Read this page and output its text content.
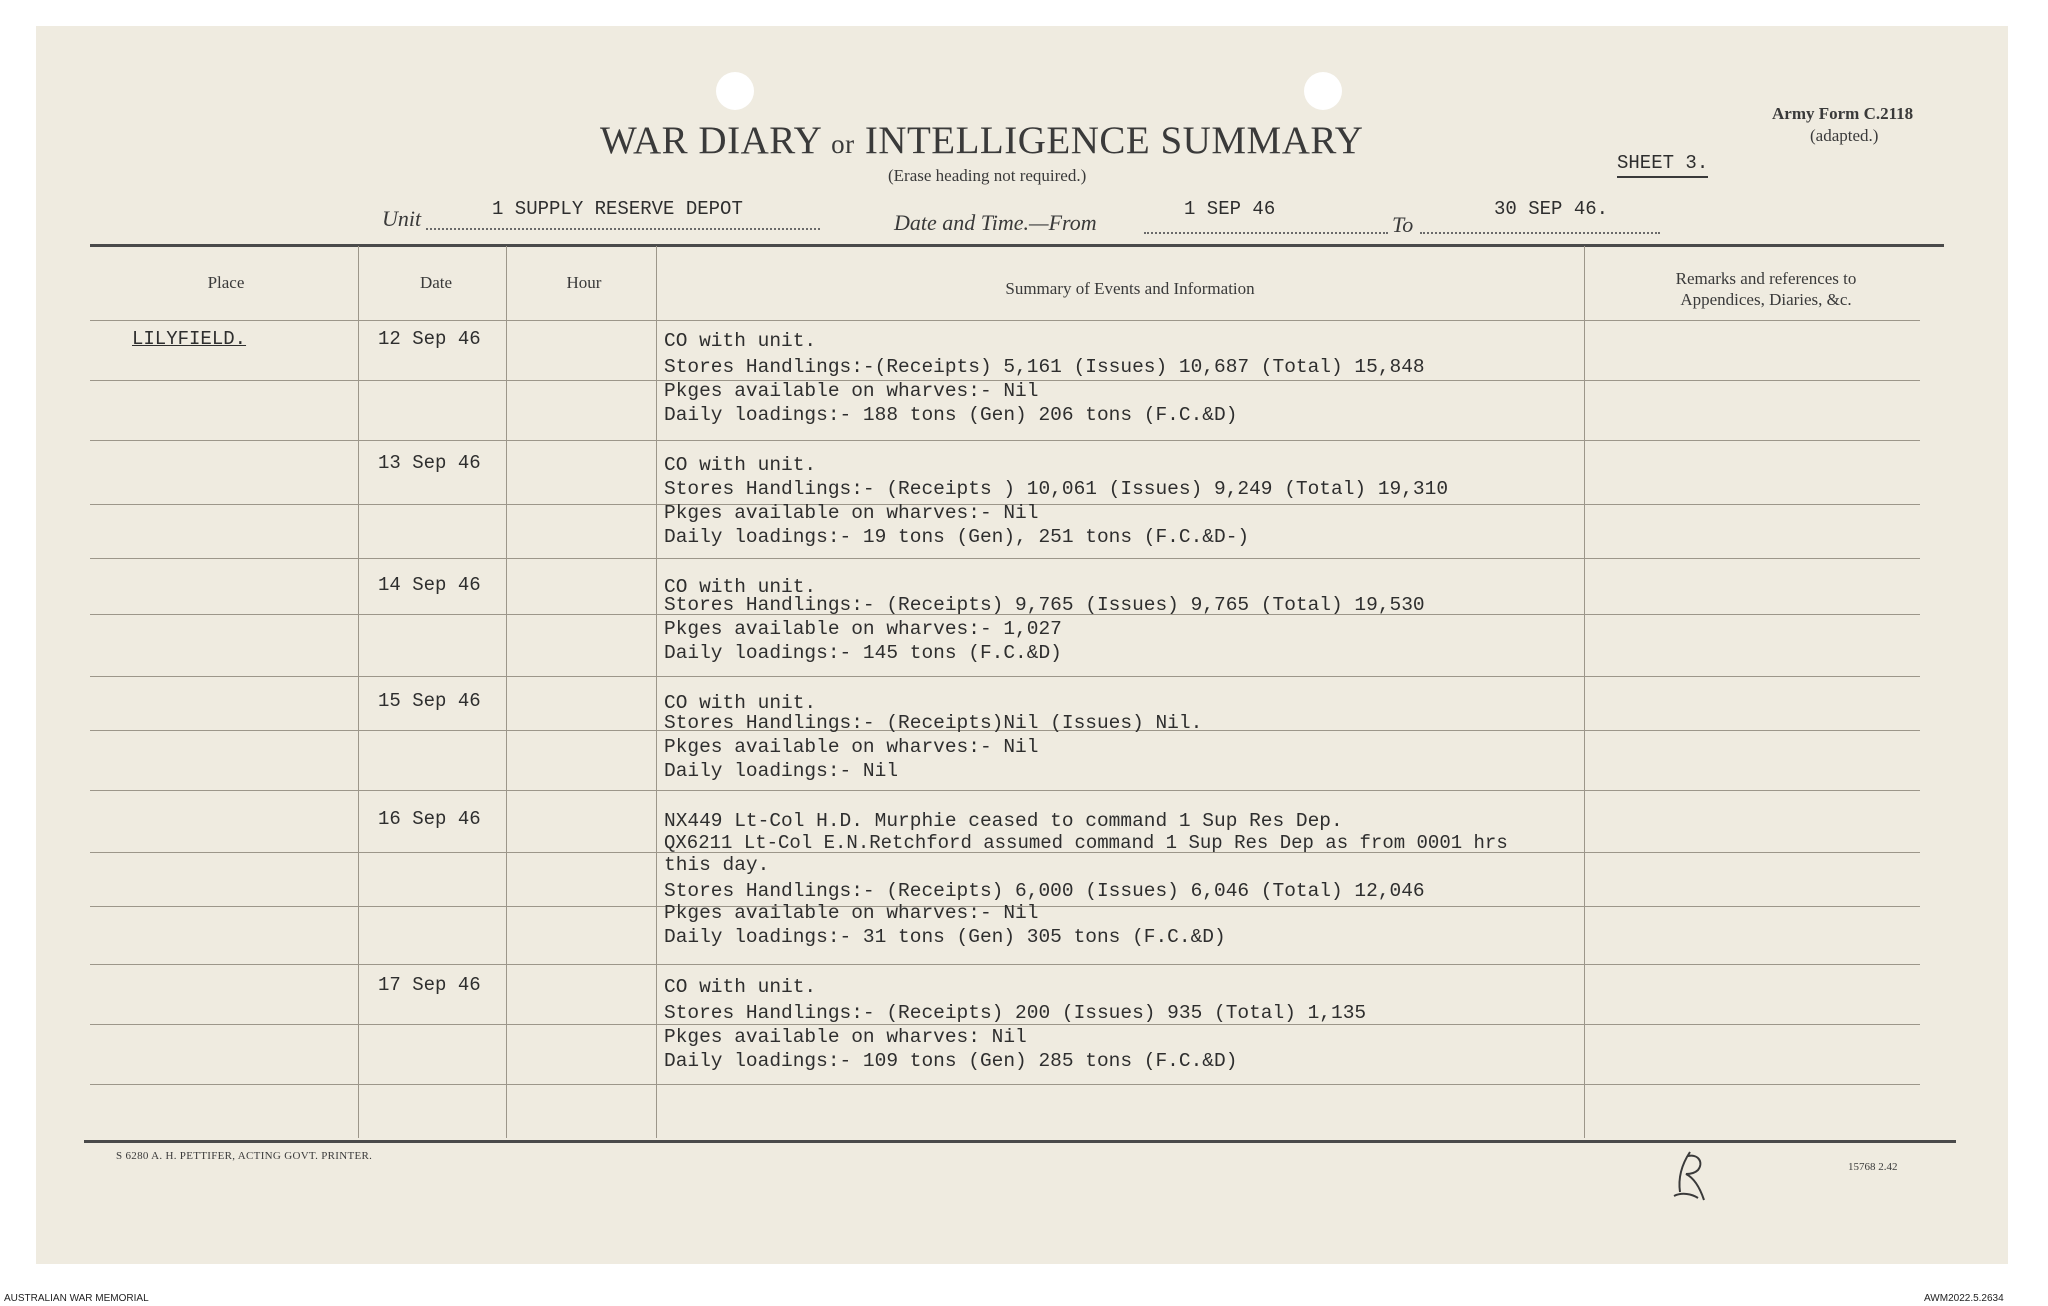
WAR DIARY or INTELLIGENCE SUMMARY
(Erase heading not required.)
Army Form C.2118
(adapted.)
SHEET 3.
Unit	1 SUPPLY RESERVE DEPOT
Date and Time.—From
1 SEP 46
To
30 SEP 46.
Place	Date	Hour	Summary of Events and Information
Remarks and references to Appendices, Diaries, &c.
LILYFIELD.	12 Sep 46	CO with unit.
Stores Handlings:-(Receipts) 5,161 (Issues) 10,687 (Total) 15,848
Pkges available on wharves:- Nil
Daily loadings:- 188 tons (Gen) 206 tons (F.C.&D)
13 Sep 46	CO with unit.
Stores Handlings:- (Receipts ) 10,061 (Issues) 9,249 (Total) 19,310
Pkges available on wharves:- Nil
Daily loadings:- 19 tons (Gen), 251 tons (F.C.&D-)
14 Sep 46	CO with unit.
Stores Handlings:- (Receipts) 9,765 (Issues) 9,765 (Total) 19,530
Pkges available on wharves:- 1,027
Daily loadings:- 145 tons (F.C.&D)
15 Sep 46	CO with unit.
Stores Handlings:- (Receipts)Nil (Issues) Nil.
Pkges available on wharves:- Nil
Daily loadings:- Nil
16 Sep 46	NX449 Lt-Col H.D. Murphie ceased to command 1 Sup Res Dep.
QX6211 Lt-Col E.N.Retchford assumed command 1 Sup Res Dep as from 0001 hrs
this day.
Stores Handlings:- (Receipts) 6,000 (Issues) 6,046 (Total) 12,046
Pkges available on wharves:- Nil
Daily loadings:- 31 tons (Gen) 305 tons (F.C.&D)
17 Sep 46	CO with unit.
Stores Handlings:- (Receipts) 200 (Issues) 935 (Total) 1,135
Pkges available on wharves: Nil
Daily loadings:- 109 tons (Gen) 285 tons (F.C.&D)
S 6280 A. H. PETTIFER, ACTING GOVT. PRINTER.
15768 2.42
AUSTRALIAN WAR MEMORIAL	AWM2022.5.2634
